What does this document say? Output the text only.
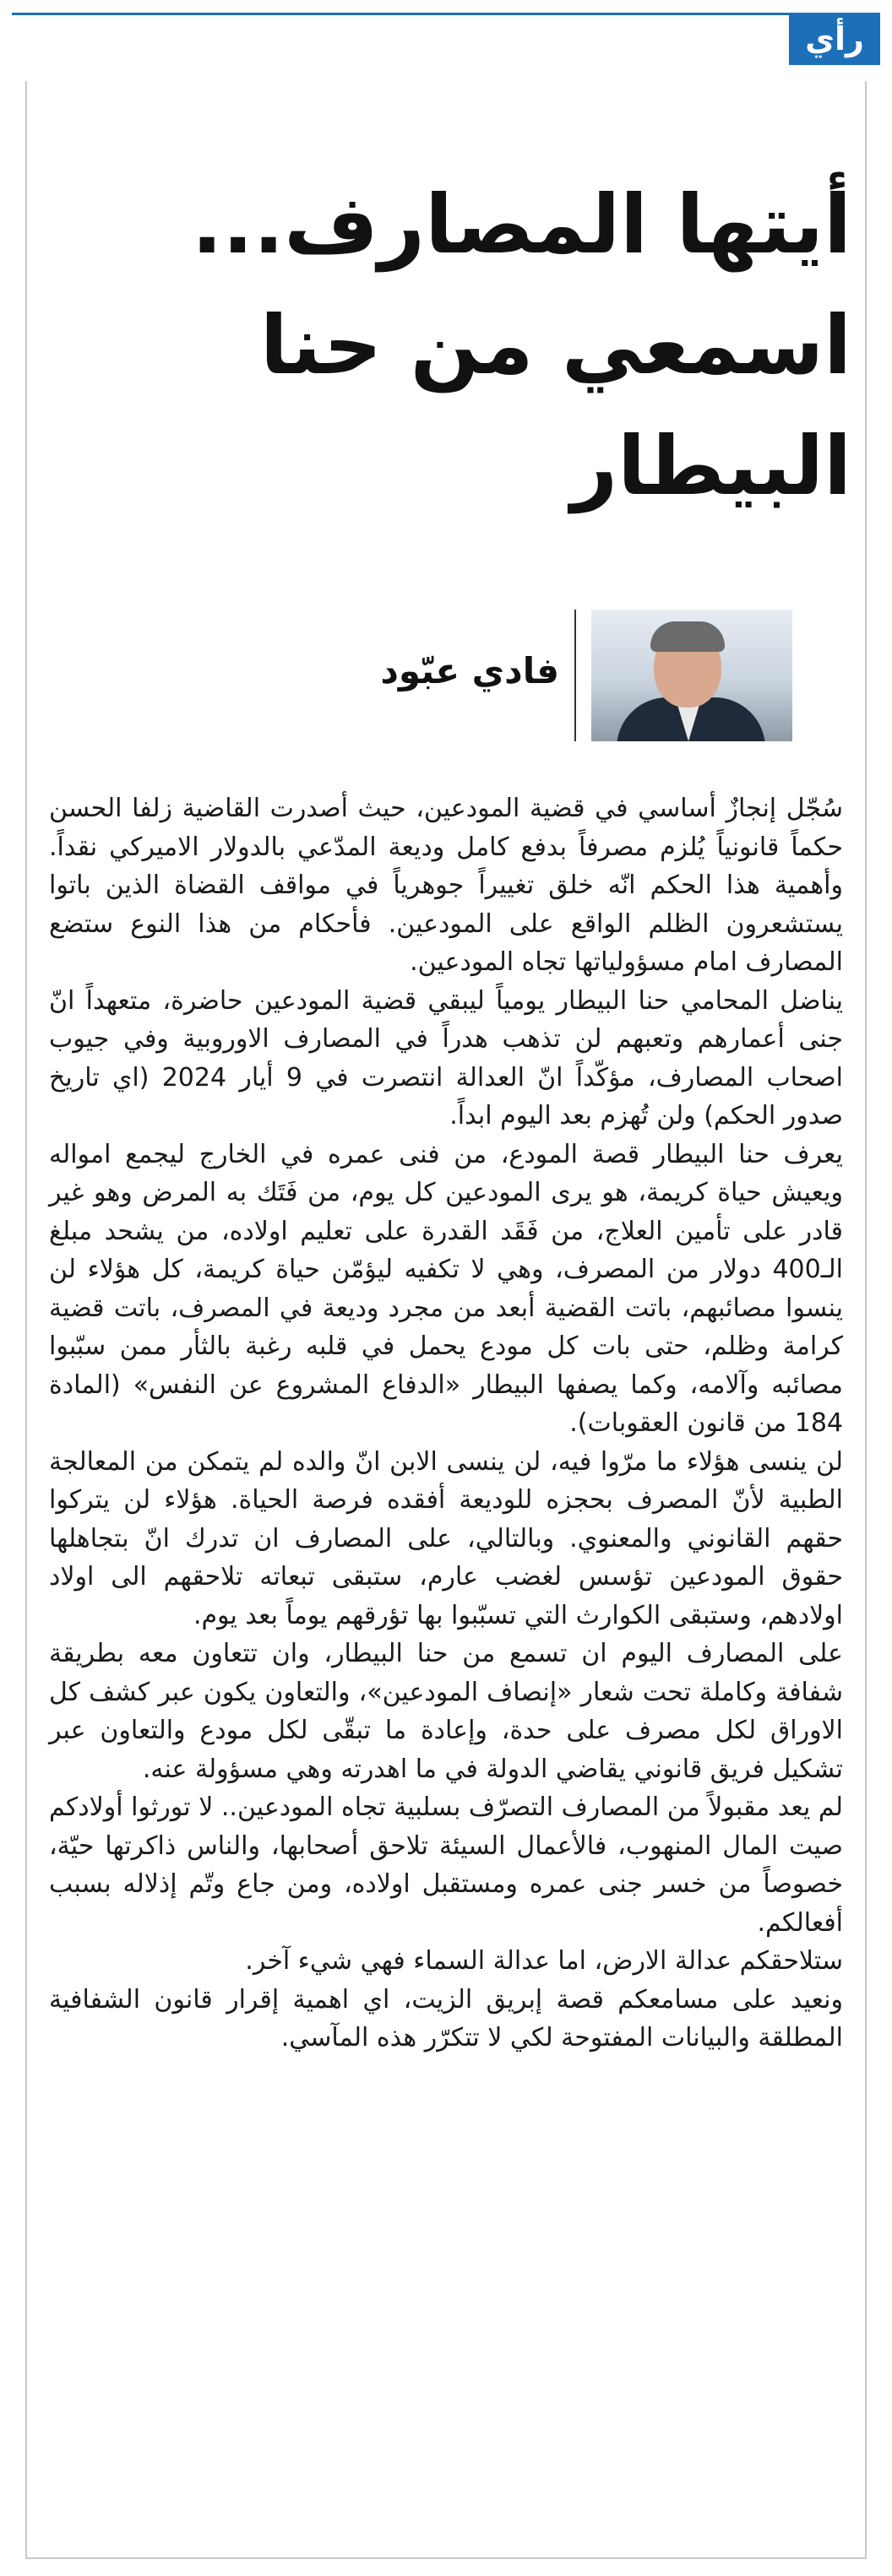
رأي
أيتها المصارف...
اسمعي من حنا
البيطار
فادي عبّود

سُجّل إنجازٌ أساسي في قضية المودعين، حيث أصدرت القاضية زلفا الحسن حكماً قانونياً يُلزم مصرفاً بدفع كامل وديعة المدّعي بالدولار الاميركي نقداً. وأهمية هذا الحكم انّه خلق تغييراً جوهرياً في مواقف القضاة الذين باتوا يستشعرون الظلم الواقع على المودعين. فأحكام من هذا النوع ستضع المصارف امام مسؤولياتها تجاه المودعين.

يناضل المحامي حنا البيطار يومياً ليبقي قضية المودعين حاضرة، متعهداً انّ جنى أعمارهم وتعبهم لن تذهب هدراً في المصارف الاوروبية وفي جيوب اصحاب المصارف، مؤكّداً انّ العدالة انتصرت في 9 أيار 2024 (اي تاريخ صدور الحكم) ولن تُهزم بعد اليوم ابداً.

يعرف حنا البيطار قصة المودع، من فنى عمره في الخارج ليجمع امواله ويعيش حياة كريمة، هو يرى المودعين كل يوم، من فَتَك به المرض وهو غير قادر على تأمين العلاج، من فَقَد القدرة على تعليم اولاده، من يشحد مبلغ الـ400 دولار من المصرف، وهي لا تكفيه ليؤمّن حياة كريمة، كل هؤلاء لن ينسوا مصائبهم، باتت القضية أبعد من مجرد وديعة في المصرف، باتت قضية كرامة وظلم، حتى بات كل مودع يحمل في قلبه رغبة بالثأر ممن سبّبوا مصائبه وآلامه، وكما يصفها البيطار «الدفاع المشروع عن النفس» (المادة 184 من قانون العقوبات).

لن ينسى هؤلاء ما مرّوا فيه، لن ينسى الابن انّ والده لم يتمكن من المعالجة الطبية لأنّ المصرف بحجزه للوديعة أفقده فرصة الحياة. هؤلاء لن يتركوا حقهم القانوني والمعنوي. وبالتالي، على المصارف ان تدرك انّ بتجاهلها حقوق المودعين تؤسس لغضب عارم، ستبقى تبعاته تلاحقهم الى اولاد اولادهم، وستبقى الكوارث التي تسبّبوا بها تؤرقهم يوماً بعد يوم.

على المصارف اليوم ان تسمع من حنا البيطار، وان تتعاون معه بطريقة شفافة وكاملة تحت شعار «إنصاف المودعين»، والتعاون يكون عبر كشف كل الاوراق لكل مصرف على حدة، وإعادة ما تبقّى لكل مودع والتعاون عبر تشكيل فريق قانوني يقاضي الدولة في ما اهدرته وهي مسؤولة عنه.

لم يعد مقبولاً من المصارف التصرّف بسلبية تجاه المودعين.. لا تورثوا أولادكم صيت المال المنهوب، فالأعمال السيئة تلاحق أصحابها، والناس ذاكرتها حيّة، خصوصاً من خسر جنى عمره ومستقبل اولاده، ومن جاع وتّم إذلاله بسبب أفعالكم.

ستلاحقكم عدالة الارض، اما عدالة السماء فهي شيء آخر.

ونعيد على مسامعكم قصة إبريق الزيت، اي اهمية إقرار قانون الشفافية المطلقة والبيانات المفتوحة لكي لا تتكرّر هذه المآسي.
